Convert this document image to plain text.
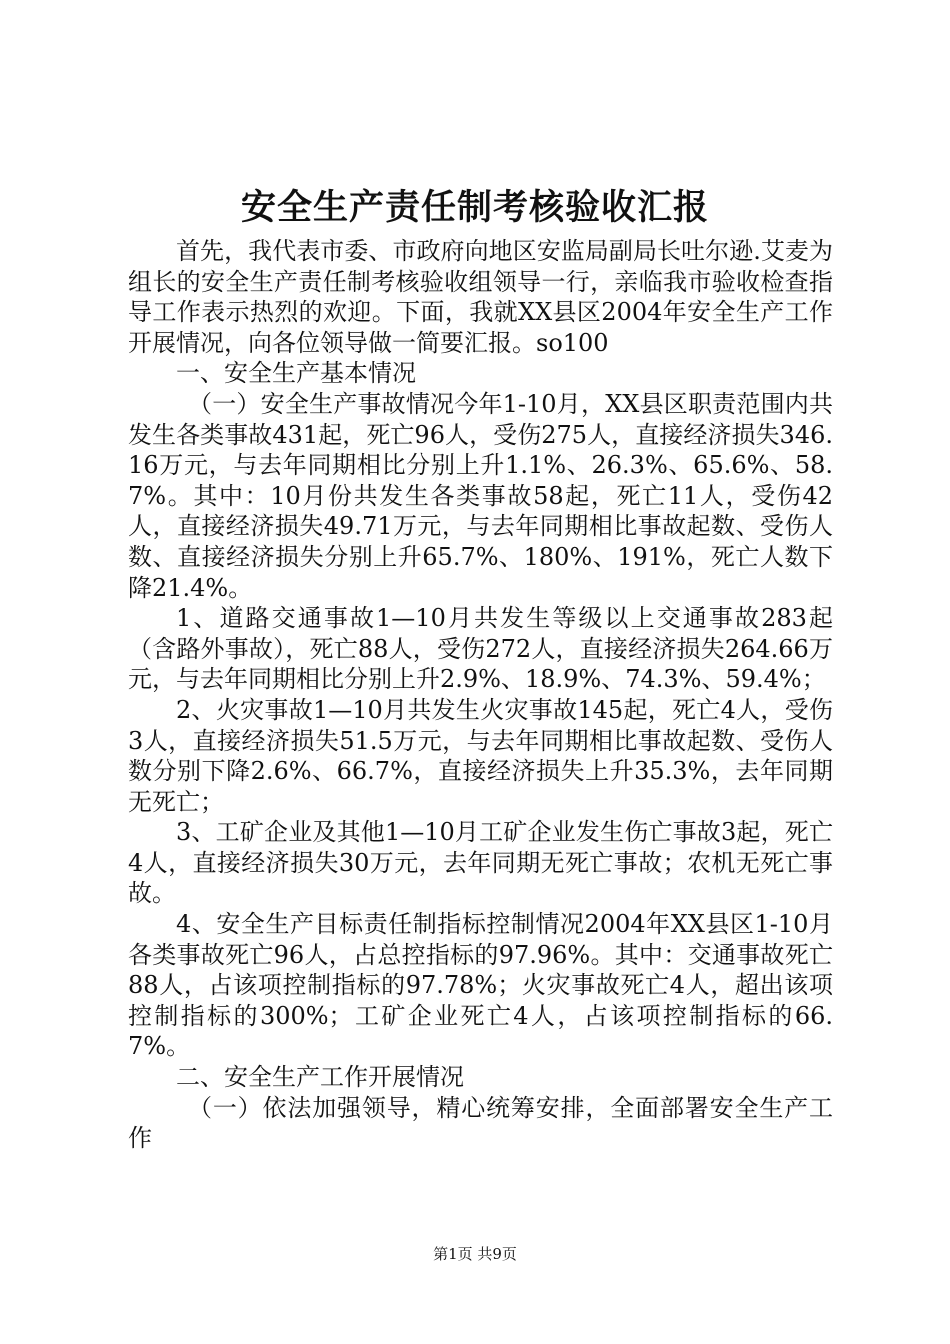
安全生产责任制考核验收汇报

首先，我代表市委、市政府向地区安监局副局长吐尔逊.艾麦为组长的安全生产责任制考核验收组领导一行，亲临我市验收检查指导工作表示热烈的欢迎。下面，我就XX县区2004年安全生产工作开展情况，向各位领导做一简要汇报。so100

一、安全生产基本情况

（一）安全生产事故情况今年1-10月，XX县区职责范围内共发生各类事故431起，死亡96人，受伤275人，直接经济损失346.16万元，与去年同期相比分别上升1.1%、26.3%、65.6%、58.7%。其中：10月份共发生各类事故58起，死亡11人，受伤42人，直接经济损失49.71万元，与去年同期相比事故起数、受伤人数、直接经济损失分别上升65.7%、180%、191%，死亡人数下降21.4%。

1、道路交通事故1—10月共发生等级以上交通事故283起（含路外事故），死亡88人，受伤272人，直接经济损失264.66万元，与去年同期相比分别上升2.9%、18.9%、74.3%、59.4%；

2、火灾事故1—10月共发生火灾事故145起，死亡4人，受伤3人，直接经济损失51.5万元，与去年同期相比事故起数、受伤人数分别下降2.6%、66.7%，直接经济损失上升35.3%，去年同期无死亡；

3、工矿企业及其他1—10月工矿企业发生伤亡事故3起，死亡4人，直接经济损失30万元，去年同期无死亡事故；农机无死亡事故。

4、安全生产目标责任制指标控制情况2004年XX县区1-10月各类事故死亡96人，占总控指标的97.96%。其中：交通事故死亡88人，占该项控制指标的97.78%；火灾事故死亡4人，超出该项控制指标的300%；工矿企业死亡4人，占该项控制指标的66.7%。

二、安全生产工作开展情况

（一）依法加强领导，精心统筹安排，全面部署安全生产工作

第1页 共9页
